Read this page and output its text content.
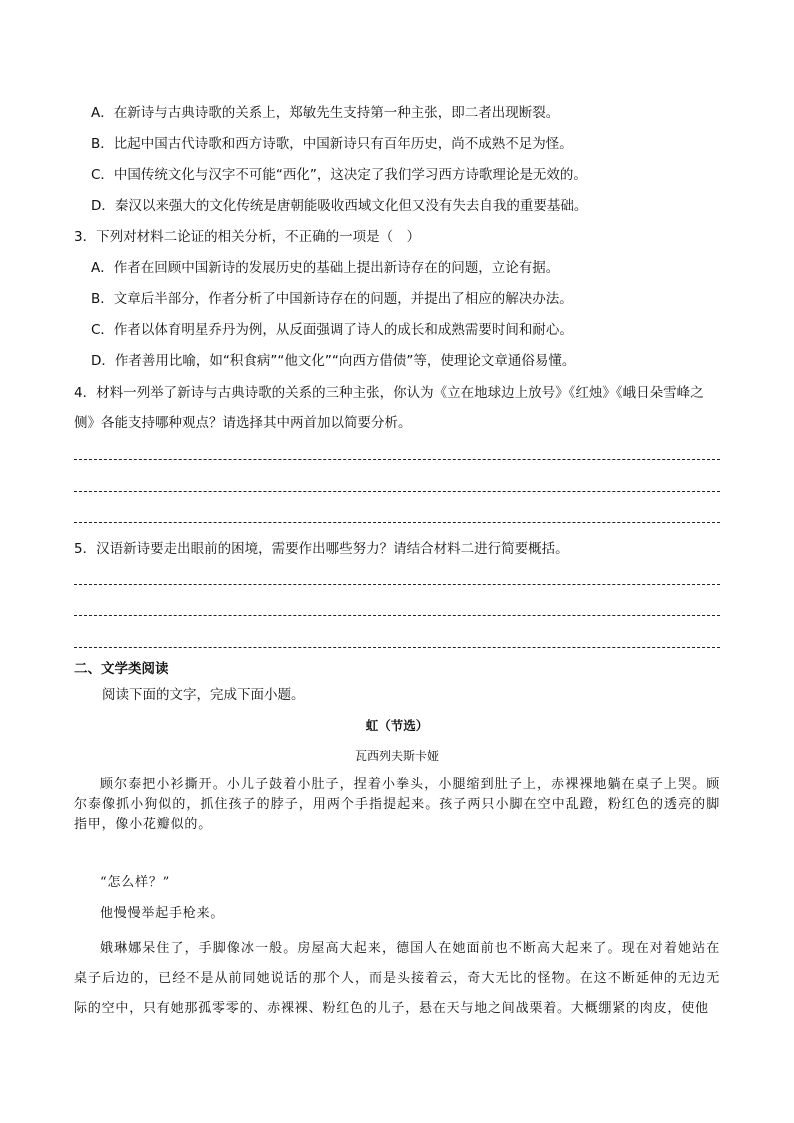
A．在新诗与古典诗歌的关系上，郑敏先生支持第一种主张，即二者出现断裂。
B．比起中国古代诗歌和西方诗歌，中国新诗只有百年历史，尚不成熟不足为怪。
C．中国传统文化与汉字不可能“西化”，这决定了我们学习西方诗歌理论是无效的。
D．秦汉以来强大的文化传统是唐朝能吸收西域文化但又没有失去自我的重要基础。
3．下列对材料二论证的相关分析，不正确的一项是（　）
A．作者在回顾中国新诗的发展历史的基础上提出新诗存在的问题，立论有据。
B．文章后半部分，作者分析了中国新诗存在的问题，并提出了相应的解决办法。
C．作者以体育明星乔丹为例，从反面强调了诗人的成长和成熟需要时间和耐心。
D．作者善用比喻，如“积食病”“他文化”“向西方借债”等，使理论文章通俗易懂。
4．材料一列举了新诗与古典诗歌的关系的三种主张，你认为《立在地球边上放号》《红烛》《峨日朵雪峰之
侧》各能支持哪种观点？请选择其中两首加以简要分析。
5．汉语新诗要走出眼前的困境，需要作出哪些努力？请结合材料二进行简要概括。
二、文学类阅读
阅读下面的文字，完成下面小题。
虹（节选）
瓦西列夫斯卡娅
顾尔泰把小衫撕开。小儿子鼓着小肚子，捏着小拳头，小腿缩到肚子上，赤裸裸地躺在桌子上哭。顾尔泰像抓小狗似的，抓住孩子的脖子，用两个手指提起来。孩子两只小脚在空中乱蹬，粉红色的透亮的脚指甲，像小花瓣似的。
“怎么样？”
他慢慢举起手枪来。
娥琳娜呆住了，手脚像冰一般。房屋高大起来，德国人在她面前也不断高大起来了。现在对着她站在桌子后边的，已经不是从前同她说话的那个人，而是头接着云，奇大无比的怪物。在这不断延伸的无边无际的空中，只有她那孤零零的、赤裸裸、粉红色的儿子，悬在天与地之间战栗着。大概绷紧的肉皮，使他
